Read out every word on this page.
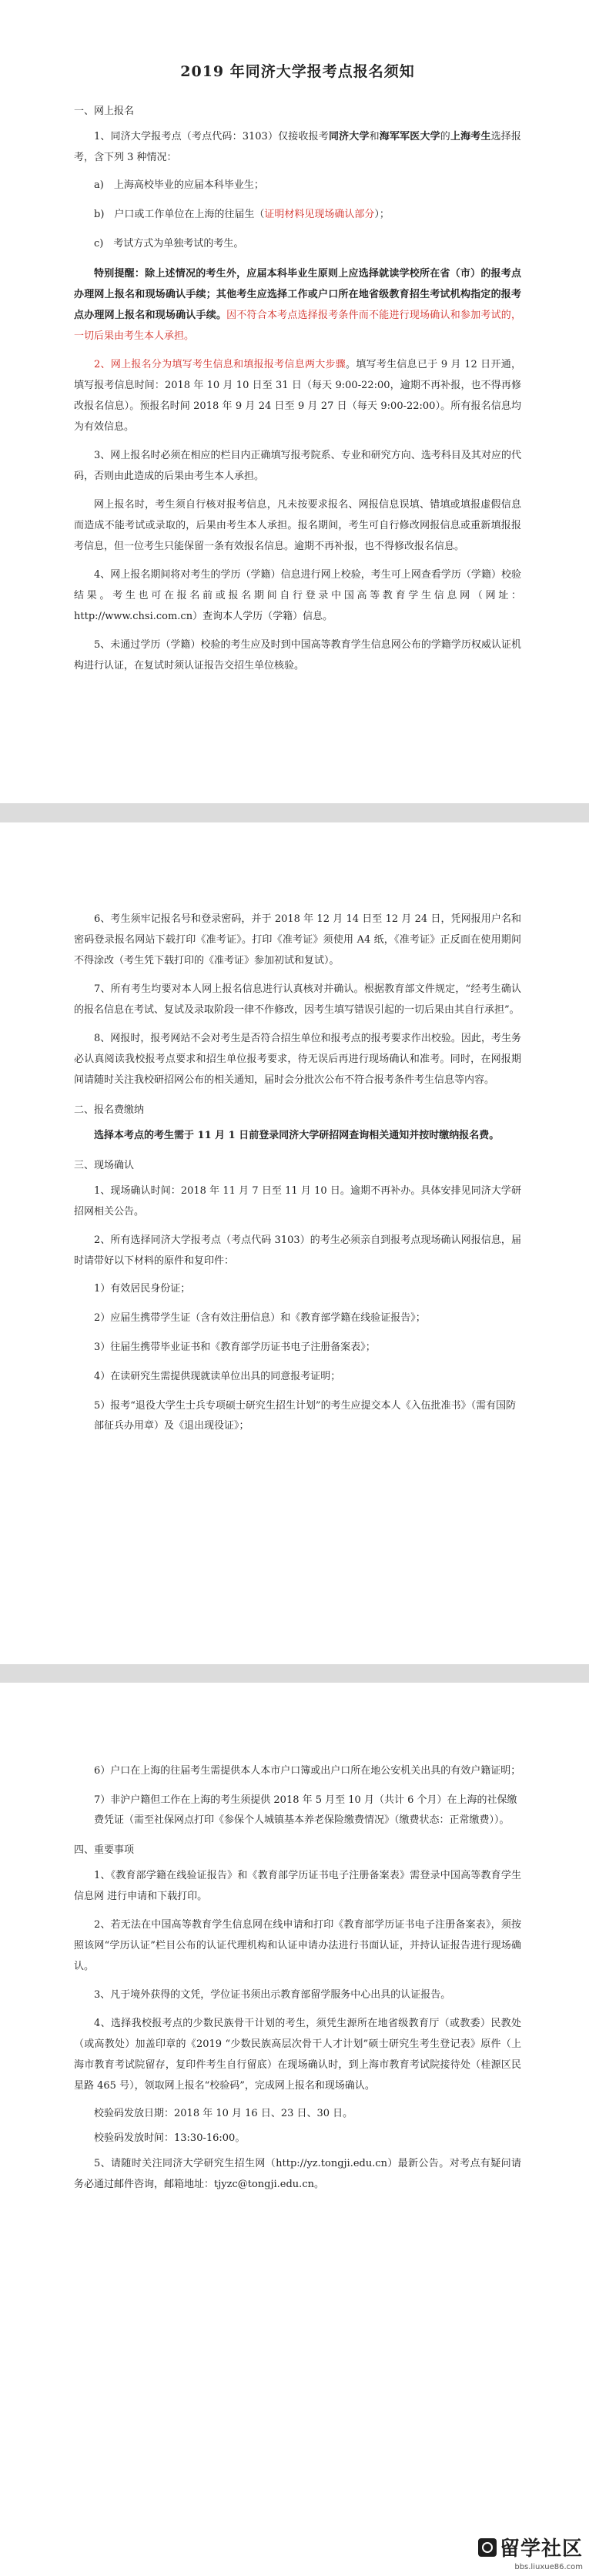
2019 年同济大学报考点报名须知
一、网上报名
1、同济大学报考点（考点代码：3103）仅接收报考同济大学和海军军医大学的上海考生选择报考，含下列 3 种情况：
a)　上海高校毕业的应届本科毕业生；
b)　户口或工作单位在上海的往届生（证明材料见现场确认部分）；
c)　考试方式为单独考试的考生。
特别提醒：除上述情况的考生外，应届本科毕业生原则上应选择就读学校所在省（市）的报考点办理网上报名和现场确认手续；其他考生应选择工作或户口所在地省级教育招生考试机构指定的报考点办理网上报名和现场确认手续。因不符合本考点选择报考条件而不能进行现场确认和参加考试的，一切后果由考生本人承担。
2、网上报名分为填写考生信息和填报报考信息两大步骤。填写考生信息已于 9 月 12 日开通，填写报考信息时间：2018 年 10 月 10 日至 31 日（每天 9:00-22:00，逾期不再补报，也不得再修改报名信息）。预报名时间 2018 年 9 月 24 日至 9 月 27 日（每天 9:00-22:00）。所有报名信息均为有效信息。
3、网上报名时必须在相应的栏目内正确填写报考院系、专业和研究方向、选考科目及其对应的代码，否则由此造成的后果由考生本人承担。
网上报名时，考生须自行核对报考信息，凡未按要求报名、网报信息误填、错填或填报虚假信息而造成不能考试或录取的，后果由考生本人承担。报名期间，考生可自行修改网报信息或重新填报报考信息，但一位考生只能保留一条有效报名信息。逾期不再补报，也不得修改报名信息。
4、网上报名期间将对考生的学历（学籍）信息进行网上校验，考生可上网查看学历（学籍）校验结果。考生也可在报名前或报名期间自行登录中国高等教育学生信息网（网址：http://www.chsi.com.cn）查询本人学历（学籍）信息。
5、未通过学历（学籍）校验的考生应及时到中国高等教育学生信息网公布的学籍学历权威认证机构进行认证，在复试时须认证报告交招生单位核验。
6、考生须牢记报名号和登录密码，并于 2018 年 12 月 14 日至 12 月 24 日，凭网报用户名和密码登录报名网站下载打印《准考证》。打印《准考证》须使用 A4 纸，《准考证》正反面在使用期间不得涂改（考生凭下载打印的《准考证》参加初试和复试）。
7、所有考生均要对本人网上报名信息进行认真核对并确认。根据教育部文件规定，“经考生确认的报名信息在考试、复试及录取阶段一律不作修改，因考生填写错误引起的一切后果由其自行承担”。
8、网报时，报考网站不会对考生是否符合招生单位和报考点的报考要求作出校验。因此，考生务必认真阅读我校报考点要求和招生单位报考要求，待无误后再进行现场确认和准考。同时，在网报期间请随时关注我校研招网公布的相关通知，届时会分批次公布不符合报考条件考生信息等内容。
二、报名费缴纳
选择本考点的考生需于 11 月 1 日前登录同济大学研招网查询相关通知并按时缴纳报名费。
三、现场确认
1、现场确认时间：2018 年 11 月 7 日至 11 月 10 日。逾期不再补办。具体安排见同济大学研招网相关公告。
2、所有选择同济大学报考点（考点代码 3103）的考生必须亲自到报考点现场确认网报信息，届时请带好以下材料的原件和复印件：
1）有效居民身份证；
2）应届生携带学生证（含有效注册信息）和《教育部学籍在线验证报告》；
3）往届生携带毕业证书和《教育部学历证书电子注册备案表》；
4）在读研究生需提供现就读单位出具的同意报考证明；
5）报考“退役大学生士兵专项硕士研究生招生计划”的考生应提交本人《入伍批准书》（需有国防部征兵办用章）及《退出现役证》；
6）户口在上海的往届考生需提供本人本市户口簿或出户口所在地公安机关出具的有效户籍证明；
7）非沪户籍但工作在上海的考生须提供 2018 年 5 月至 10 月（共计 6 个月）在上海的社保缴费凭证（需至社保网点打印《参保个人城镇基本养老保险缴费情况》（缴费状态：正常缴费））。
四、重要事项
1、《教育部学籍在线验证报告》和《教育部学历证书电子注册备案表》需登录中国高等教育学生信息网 进行申请和下载打印。
2、若无法在中国高等教育学生信息网在线申请和打印《教育部学历证书电子注册备案表》，须按照该网“学历认证”栏目公布的认证代理机构和认证申请办法进行书面认证，并持认证报告进行现场确认。
3、凡于境外获得的文凭，学位证书须出示教育部留学服务中心出具的认证报告。
4、选择我校报考点的少数民族骨干计划的考生，须凭生源所在地省级教育厅（或教委）民教处（或高教处）加盖印章的《2019 “少数民族高层次骨干人才计划”硕士研究生考生登记表》原件（上海市教育考试院留存，复印件考生自行留底）在现场确认时，到上海市教育考试院接待处（桂源区民星路 465 号），领取网上报名“校验码”，完成网上报名和现场确认。
校验码发放日期：2018 年 10 月 16 日、23 日、30 日。
校验码发放时间：13:30-16:00。
5、请随时关注同济大学研究生招生网（http://yz.tongji.edu.cn）最新公告。对考点有疑问请务必通过邮件咨询，邮箱地址：tjyzc@tongji.edu.cn。
留学社区
bbs.liuxue86.com
